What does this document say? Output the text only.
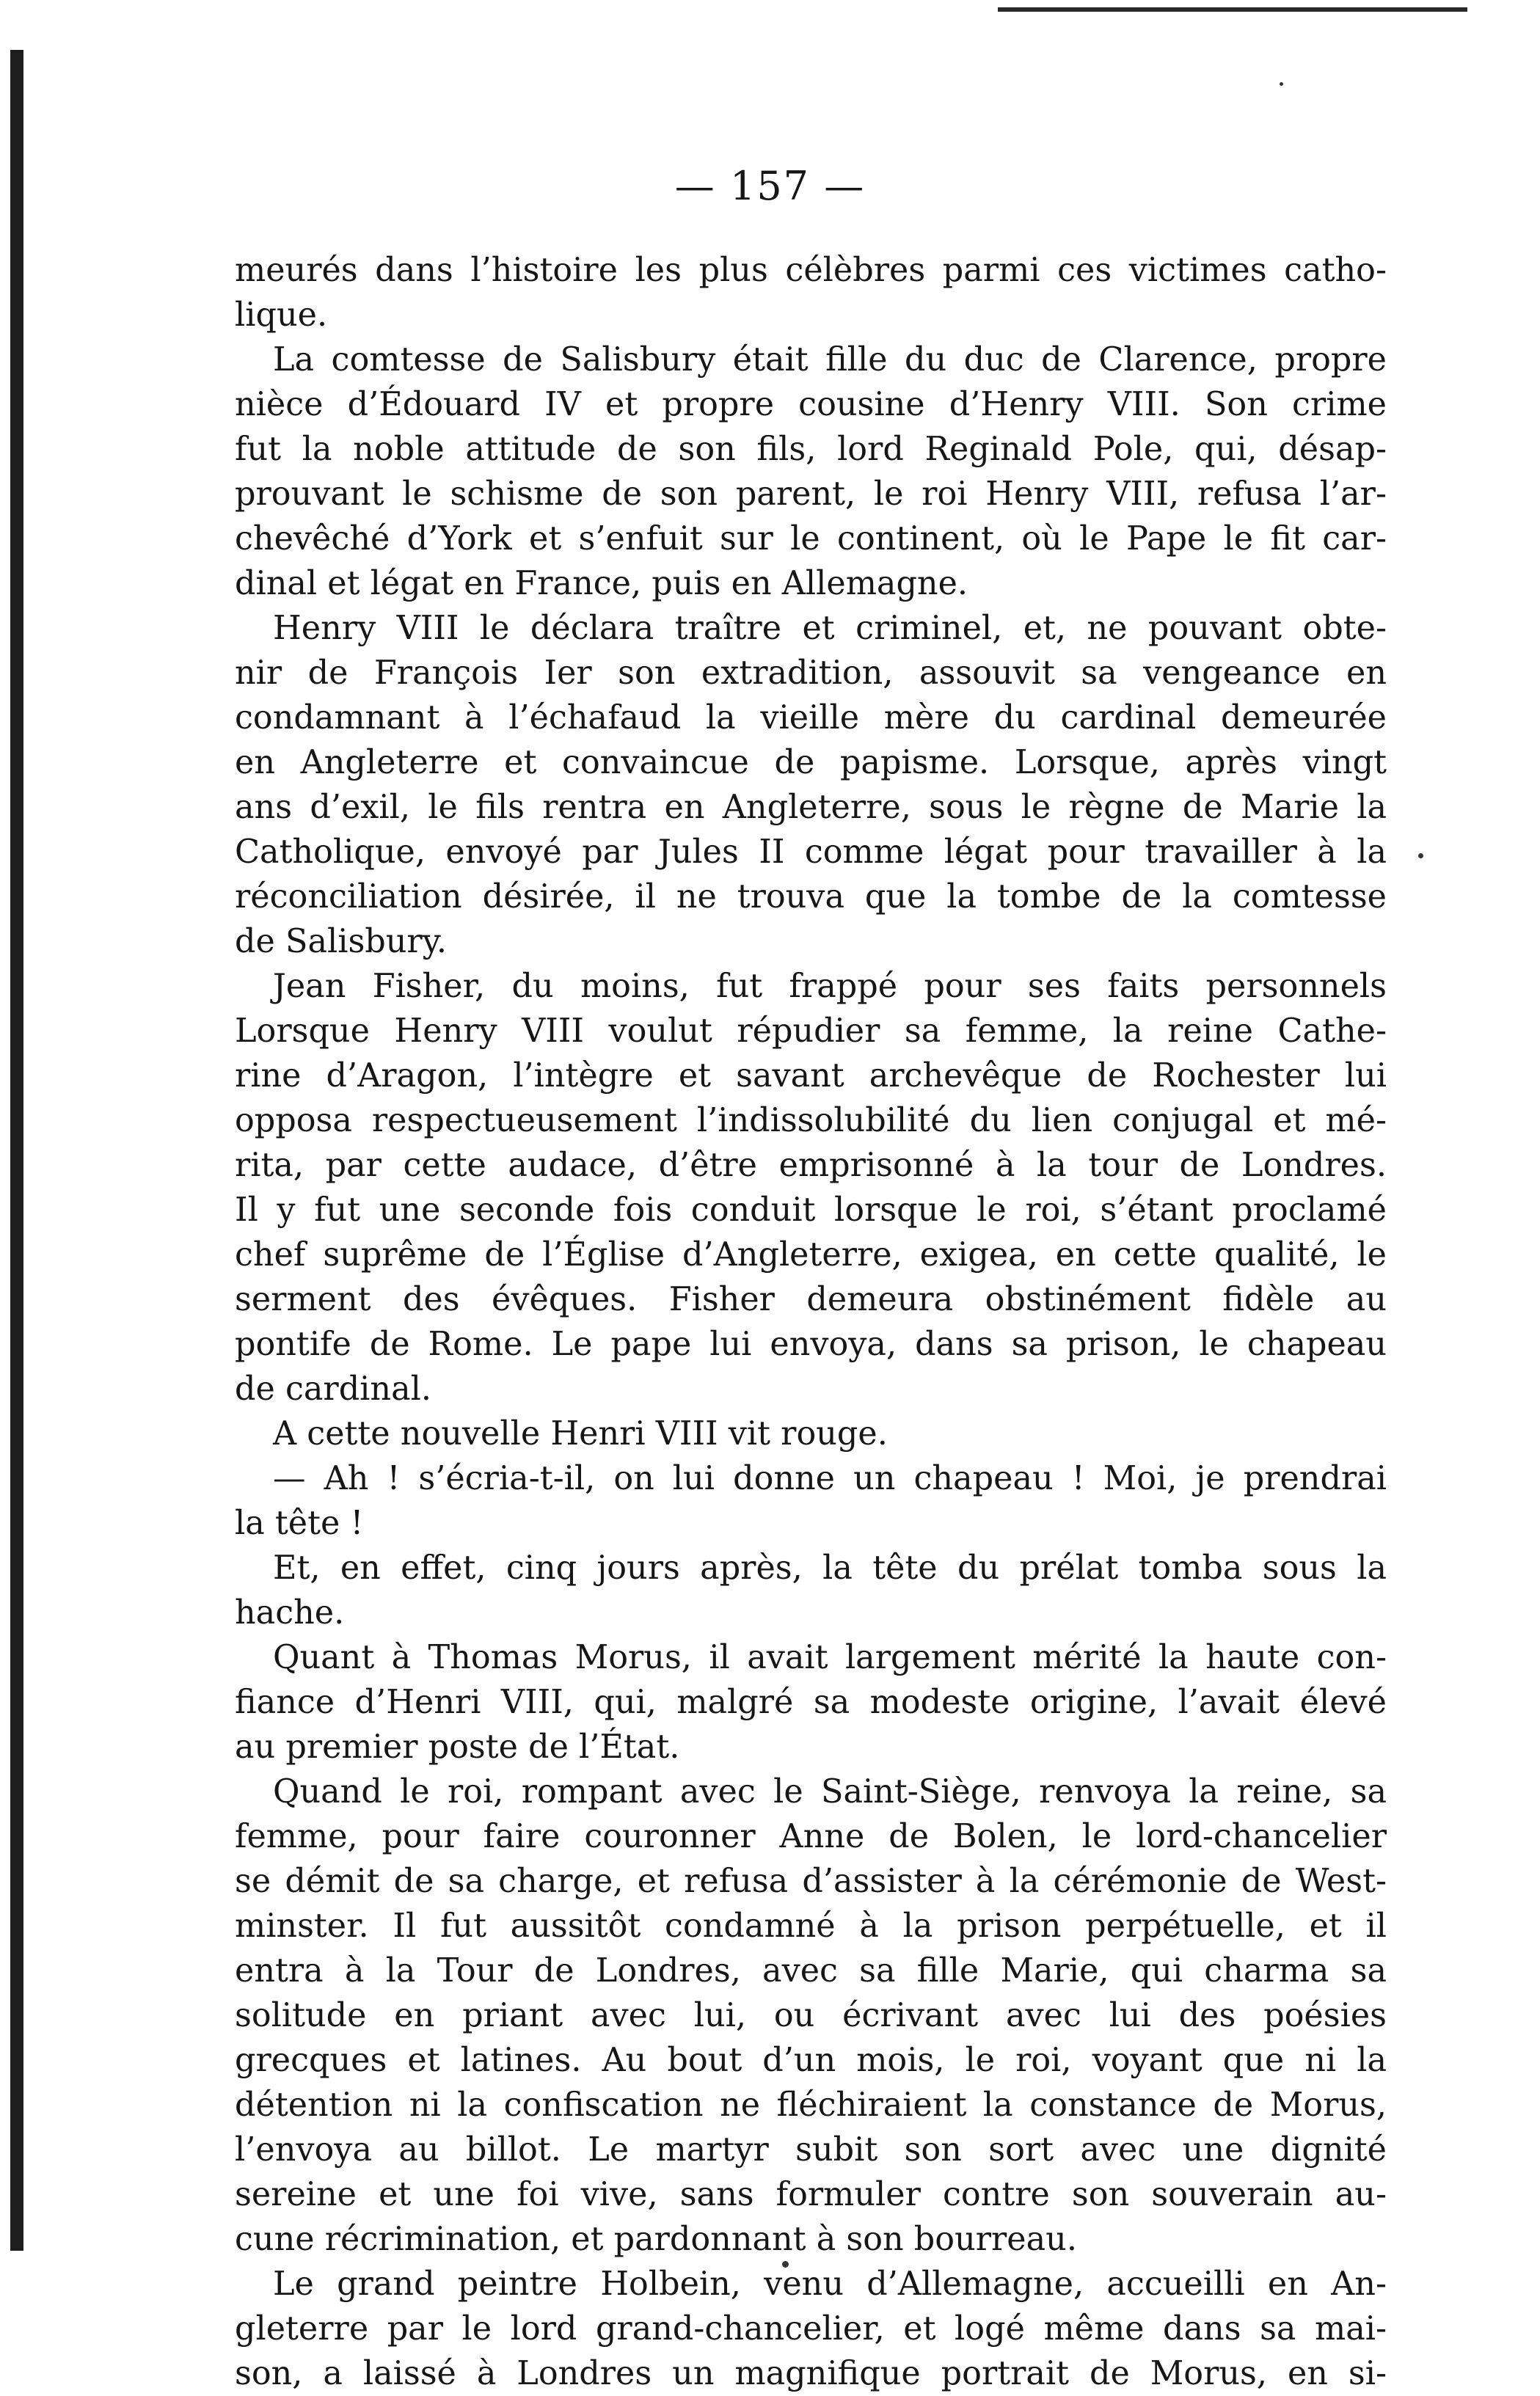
— 157 —
meurés dans l’histoire les plus célèbres parmi ces victimes catho-
lique.
La comtesse de Salisbury était fille du duc de Clarence, propre
nièce d’Édouard IV et propre cousine d’Henry VIII. Son crime
fut la noble attitude de son fils, lord Reginald Pole, qui, désap-
prouvant le schisme de son parent, le roi Henry VIII, refusa l’ar-
chevêché d’York et s’enfuit sur le continent, où le Pape le fit car-
dinal et légat en France, puis en Allemagne.
Henry VIII le déclara traître et criminel, et, ne pouvant obte-
nir de François Ier son extradition, assouvit sa vengeance en
condamnant à l’échafaud la vieille mère du cardinal demeurée
en Angleterre et convaincue de papisme. Lorsque, après vingt
ans d’exil, le fils rentra en Angleterre, sous le règne de Marie la
Catholique, envoyé par Jules II comme légat pour travailler à la
réconciliation désirée, il ne trouva que la tombe de la comtesse
de Salisbury.
Jean Fisher, du moins, fut frappé pour ses faits personnels
Lorsque Henry VIII voulut répudier sa femme, la reine Cathe-
rine d’Aragon, l’intègre et savant archevêque de Rochester lui
opposa respectueusement l’indissolubilité du lien conjugal et mé-
rita, par cette audace, d’être emprisonné à la tour de Londres.
Il y fut une seconde fois conduit lorsque le roi, s’étant proclamé
chef suprême de l’Église d’Angleterre, exigea, en cette qualité, le
serment des évêques. Fisher demeura obstinément fidèle au
pontife de Rome. Le pape lui envoya, dans sa prison, le chapeau
de cardinal.
A cette nouvelle Henri VIII vit rouge.
— Ah ! s’écria-t-il, on lui donne un chapeau ! Moi, je prendrai
la tête !
Et, en effet, cinq jours après, la tête du prélat tomba sous la
hache.
Quant à Thomas Morus, il avait largement mérité la haute con-
fiance d’Henri VIII, qui, malgré sa modeste origine, l’avait élevé
au premier poste de l’État.
Quand le roi, rompant avec le Saint-Siège, renvoya la reine, sa
femme, pour faire couronner Anne de Bolen, le lord-chancelier
se démit de sa charge, et refusa d’assister à la cérémonie de West-
minster. Il fut aussitôt condamné à la prison perpétuelle, et il
entra à la Tour de Londres, avec sa fille Marie, qui charma sa
solitude en priant avec lui, ou écrivant avec lui des poésies
grecques et latines. Au bout d’un mois, le roi, voyant que ni la
détention ni la confiscation ne fléchiraient la constance de Morus,
l’envoya au billot. Le martyr subit son sort avec une dignité
sereine et une foi vive, sans formuler contre son souverain au-
cune récrimination, et pardonnant à son bourreau.
Le grand peintre Holbein, venu d’Allemagne, accueilli en An-
gleterre par le lord grand-chancelier, et logé même dans sa mai-
son, a laissé à Londres un magnifique portrait de Morus, en si-
